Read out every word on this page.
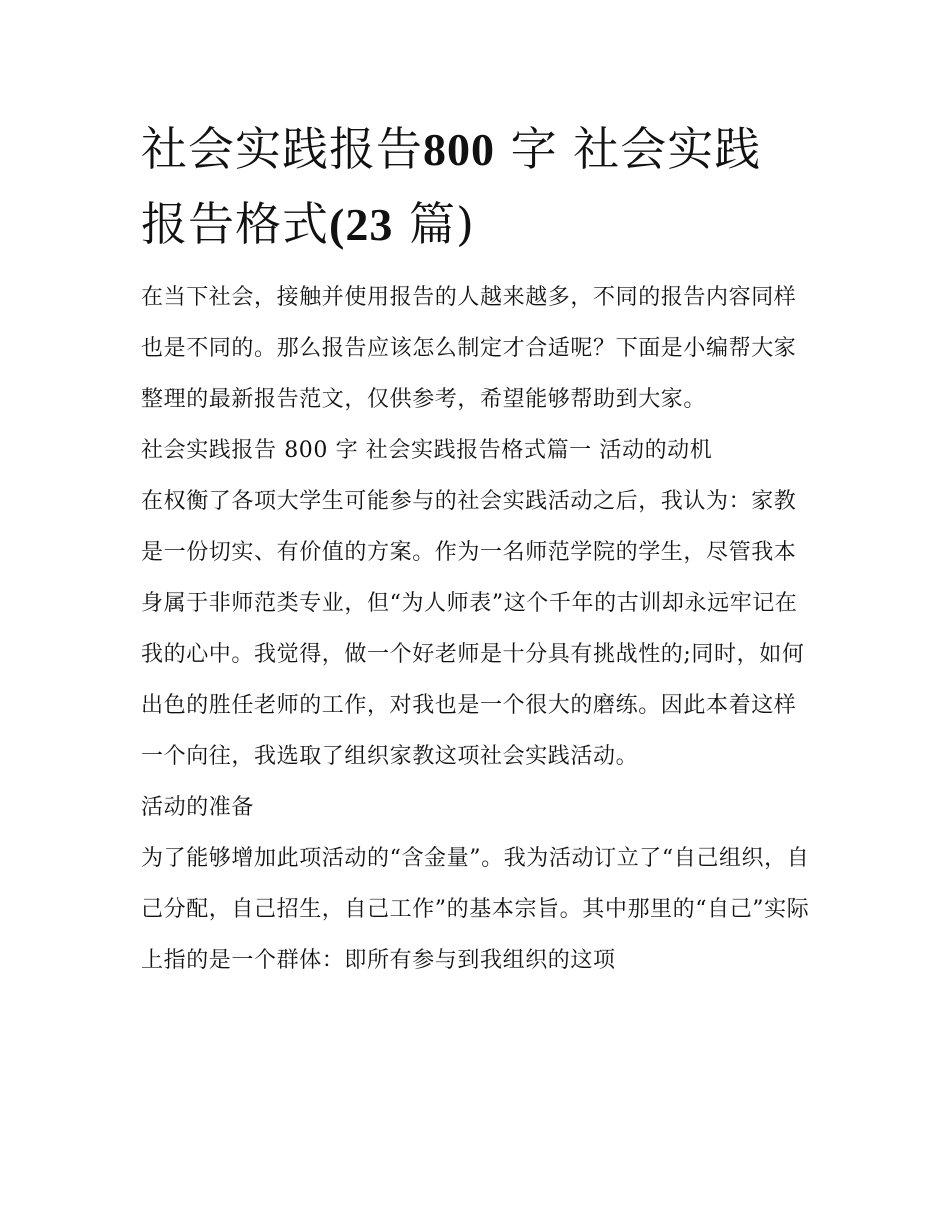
社会实践报告800 字 社会实践
报告格式(23 篇)

在当下社会，接触并使用报告的人越来越多，不同的报告内容同样也是不同的。那么报告应该怎么制定才合适呢？下面是小编帮大家整理的最新报告范文，仅供参考，希望能够帮助到大家。

社会实践报告 800 字 社会实践报告格式篇一 活动的动机

在权衡了各项大学生可能参与的社会实践活动之后，我认为：家教是一份切实、有价值的方案。作为一名师范学院的学生，尽管我本身属于非师范类专业，但“为人师表”这个千年的古训却永远牢记在我的心中。我觉得，做一个好老师是十分具有挑战性的;同时，如何出色的胜任老师的工作，对我也是一个很大的磨练。因此本着这样一个向往，我选取了组织家教这项社会实践活动。

活动的准备

为了能够增加此项活动的“含金量”。我为活动订立了“自己组织，自己分配，自己招生，自己工作”的基本宗旨。其中那里的“自己”实际上指的是一个群体：即所有参与到我组织的这项
